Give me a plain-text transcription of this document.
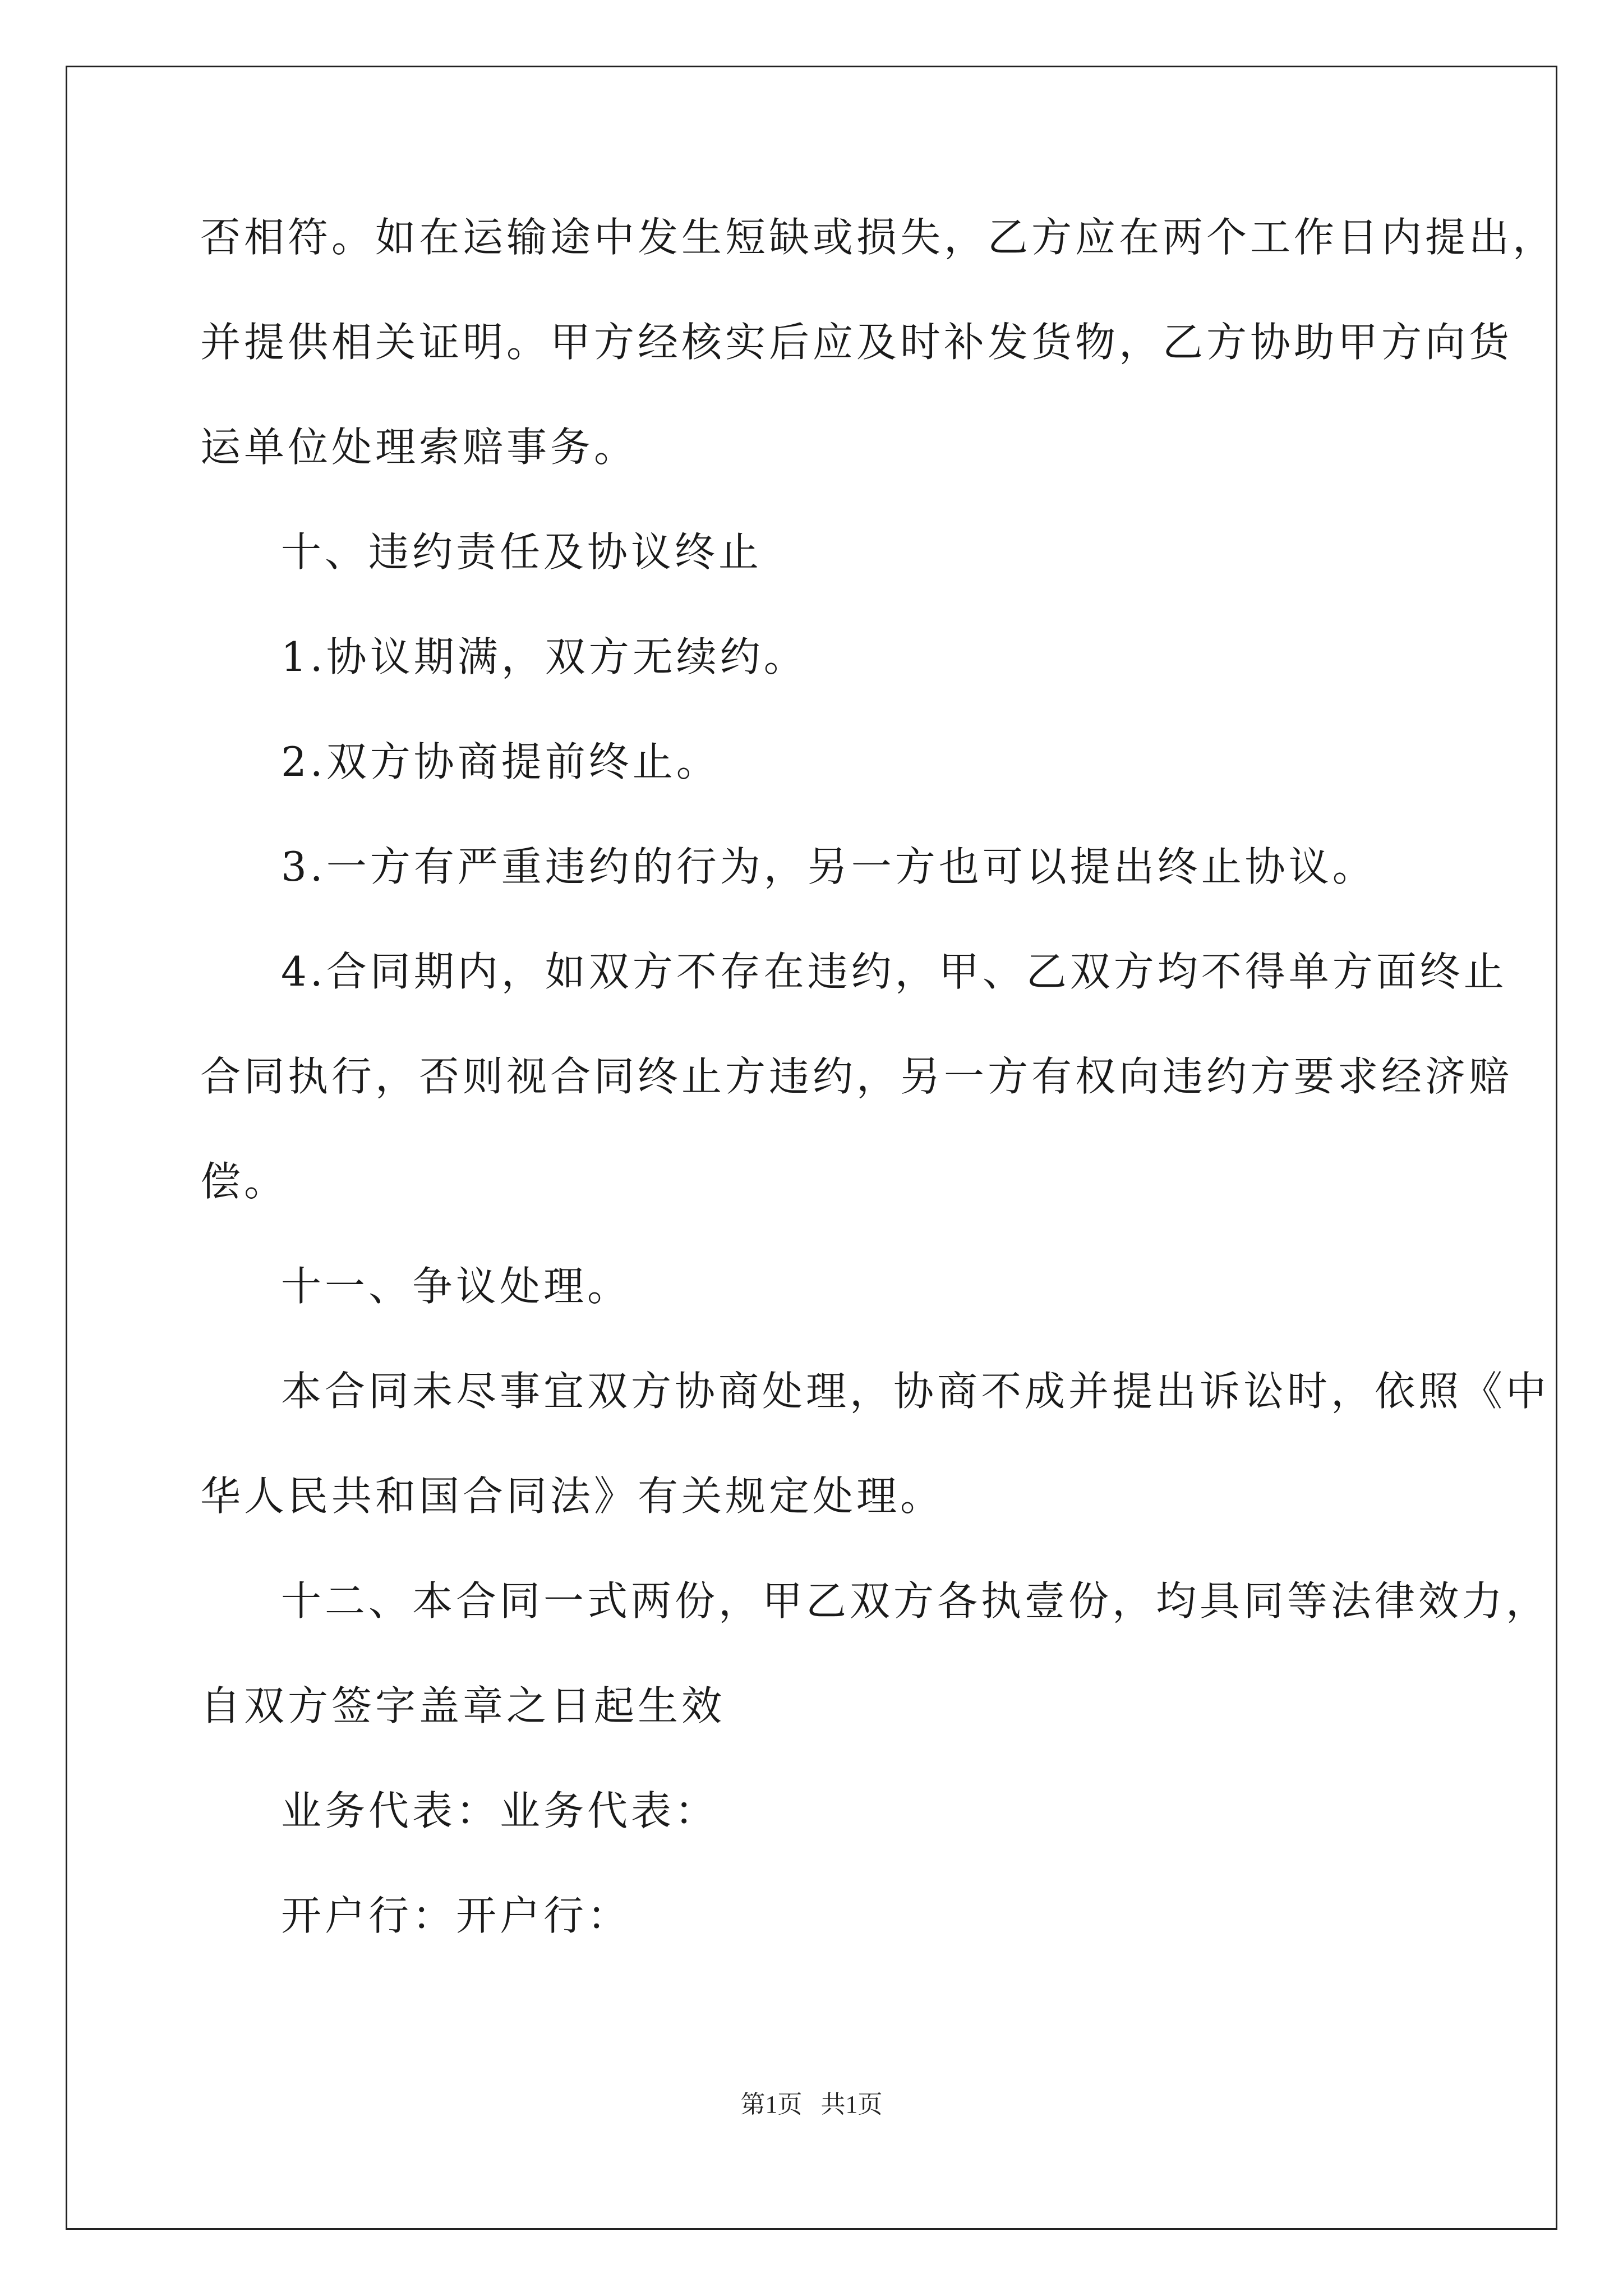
否相符。如在运输途中发生短缺或损失，乙方应在两个工作日内提出，

并提供相关证明。甲方经核实后应及时补发货物，乙方协助甲方向货

运单位处理索赔事务。

十、违约责任及协议终止

1.协议期满，双方无续约。

2.双方协商提前终止。

3.一方有严重违约的行为，另一方也可以提出终止协议。

4.合同期内，如双方不存在违约，甲、乙双方均不得单方面终止

合同执行，否则视合同终止方违约，另一方有权向违约方要求经济赔

偿。

十一、争议处理。

本合同未尽事宜双方协商处理，协商不成并提出诉讼时，依照《中

华人民共和国合同法》有关规定处理。

十二、本合同一式两份，甲乙双方各执壹份，均具同等法律效力，

自双方签字盖章之日起生效

业务代表：业务代表：

开户行：开户行：

第1页   共1页
